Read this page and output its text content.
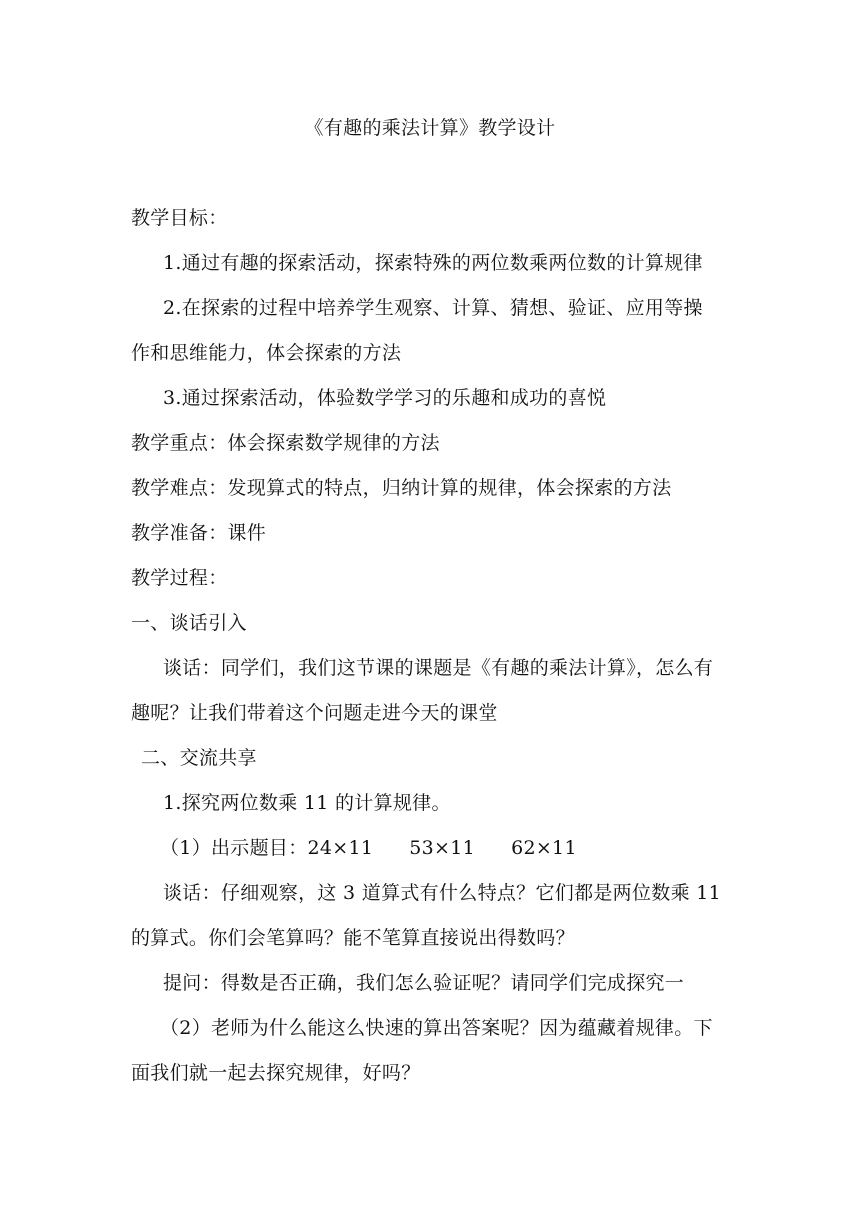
《有趣的乘法计算》教学设计
教学目标：
1.通过有趣的探索活动，探索特殊的两位数乘两位数的计算规律
2.在探索的过程中培养学生观察、计算、猜想、验证、应用等操
作和思维能力，体会探索的方法
3.通过探索活动，体验数学学习的乐趣和成功的喜悦
教学重点：体会探索数学规律的方法
教学难点：发现算式的特点，归纳计算的规律，体会探索的方法
教学准备：课件
教学过程：
一、谈话引入
谈话：同学们，我们这节课的课题是《有趣的乘法计算》，怎么有
趣呢？让我们带着这个问题走进今天的课堂
二、交流共享
1.探究两位数乘 11 的计算规律。
（1）出示题目：24×11 53×11 62×11
谈话：仔细观察，这 3 道算式有什么特点？它们都是两位数乘 11
的算式。你们会笔算吗？能不笔算直接说出得数吗？
提问：得数是否正确，我们怎么验证呢？请同学们完成探究一
（2）老师为什么能这么快速的算出答案呢？因为蕴藏着规律。下
面我们就一起去探究规律，好吗？
